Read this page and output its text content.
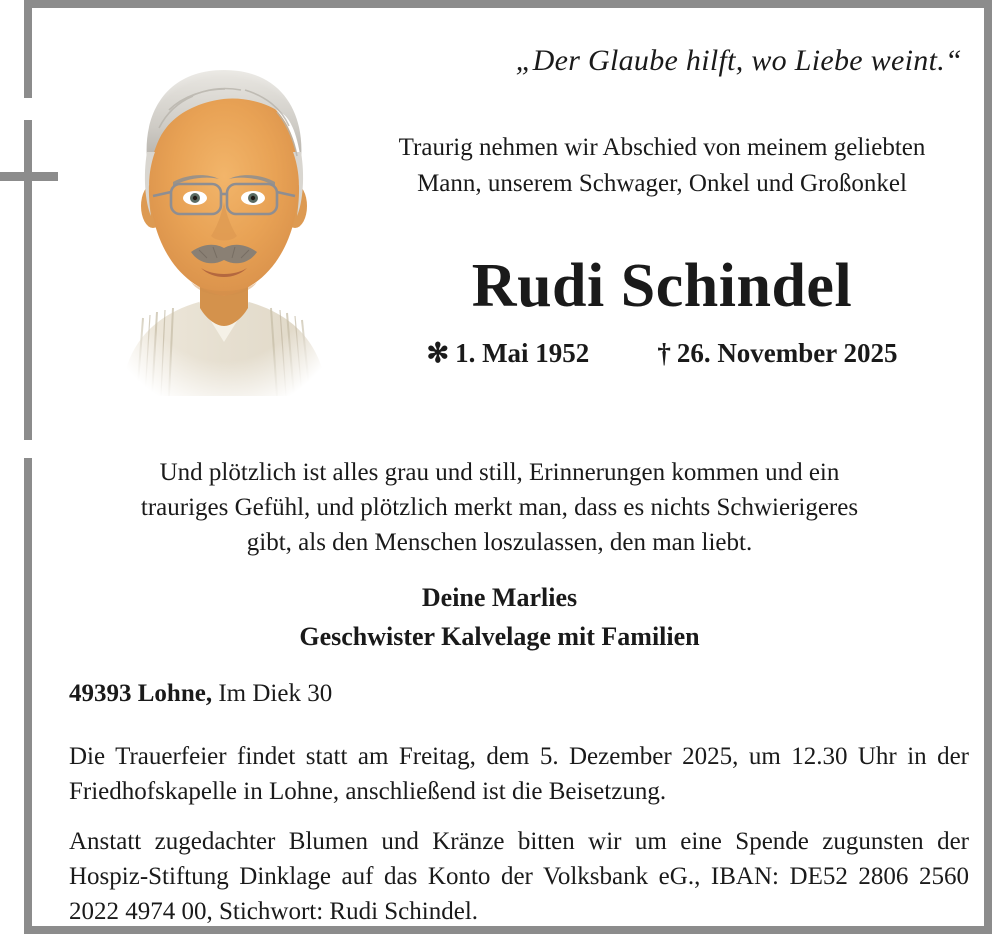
„Der Glaube hilft, wo Liebe weint.“
Traurig nehmen wir Abschied von meinem geliebten
Mann, unserem Schwager, Onkel und Großonkel
Rudi Schindel
✻ 1. Mai 1952	† 26. November 2025
Und plötzlich ist alles grau und still, Erinnerungen kommen und ein
trauriges Gefühl, und plötzlich merkt man, dass es nichts Schwierigeres
gibt, als den Menschen loszulassen, den man liebt.
Deine Marlies
Geschwister Kalvelage mit Familien
49393 Lohne, Im Diek 30
Die Trauerfeier findet statt am Freitag, dem 5. Dezember 2025, um 12.30 Uhr in der Friedhofskapelle in Lohne, anschließend ist die Beisetzung.
Anstatt zugedachter Blumen und Kränze bitten wir um eine Spende zugunsten der Hospiz-Stiftung Dinklage auf das Konto der Volksbank eG., IBAN: DE52 2806 2560 2022 4974 00, Stichwort: Rudi Schindel.
